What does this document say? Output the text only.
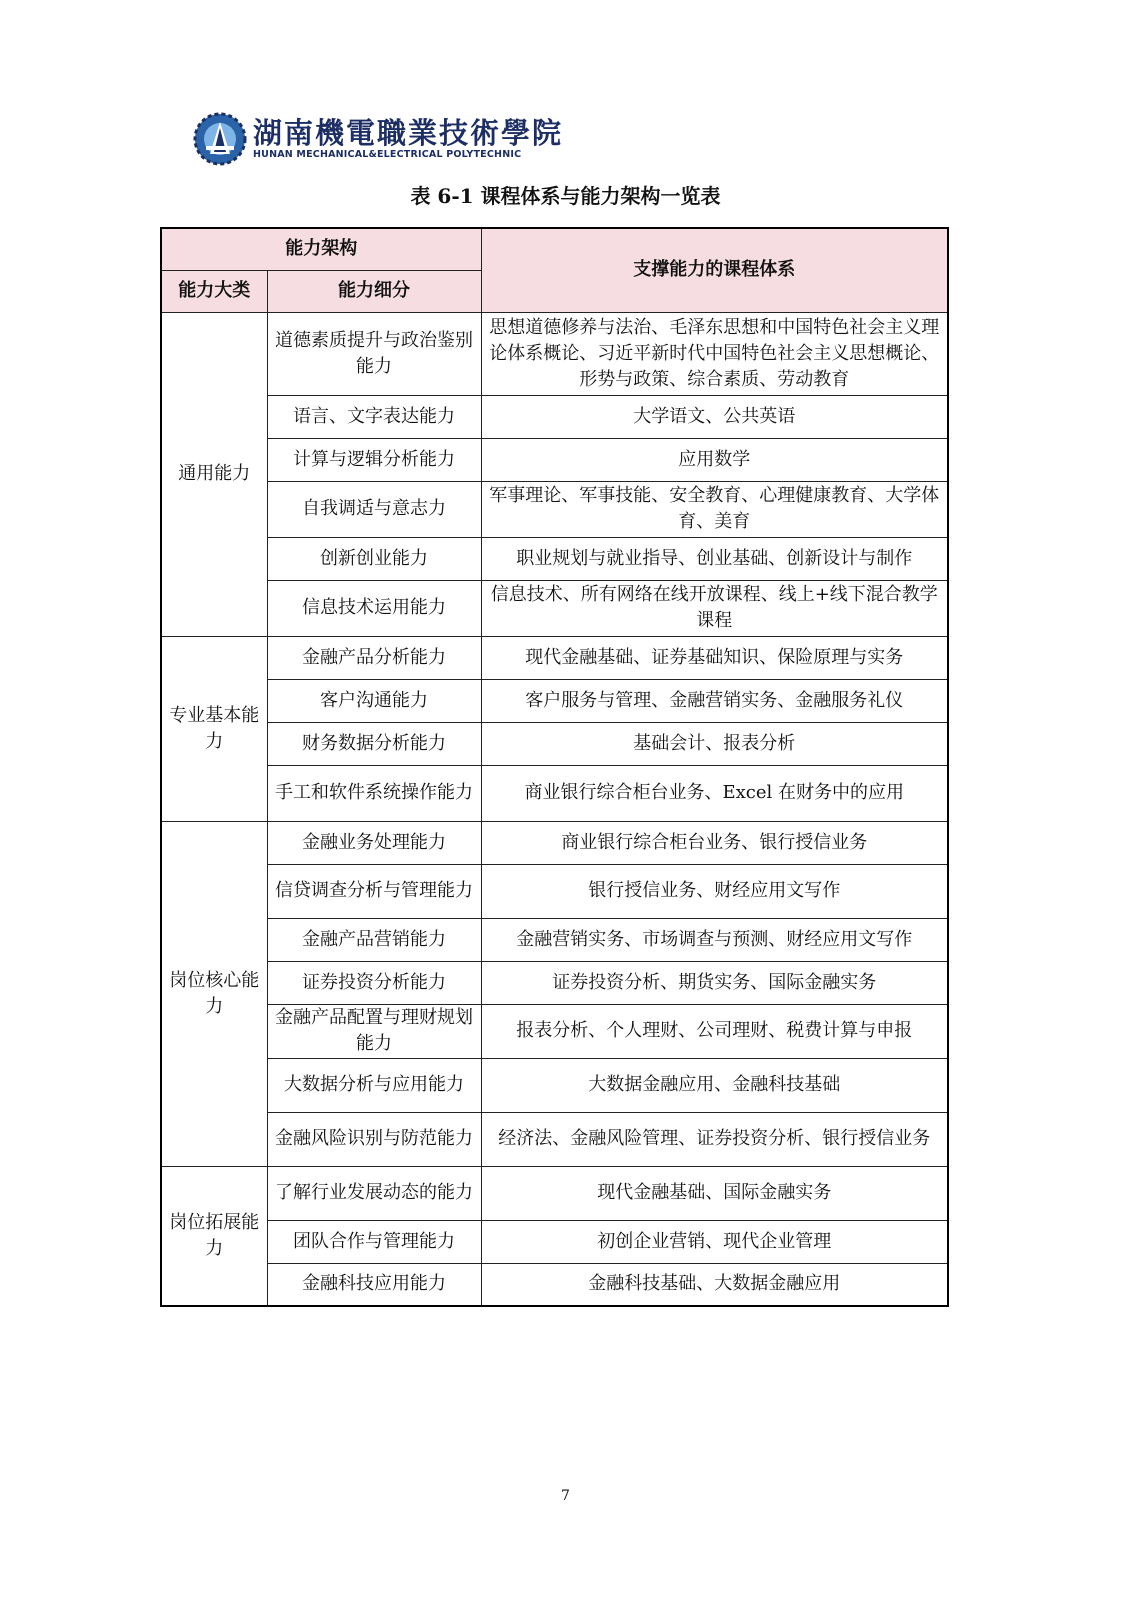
湖南機電職業技術學院
HUNAN MECHANICAL&ELECTRICAL POLYTECHNIC
表 6-1 课程体系与能力架构一览表
能力架构		支撑能力的课程体系
能力大类	能力细分	
通用能力	道德素质提升与政治鉴别能力	思想道德修养与法治、毛泽东思想和中国特色社会主义理论体系概论、习近平新时代中国特色社会主义思想概论、形势与政策、综合素质、劳动教育
	语言、文字表达能力	大学语文、公共英语
	计算与逻辑分析能力	应用数学
	自我调适与意志力	军事理论、军事技能、安全教育、心理健康教育、大学体育、美育
	创新创业能力	职业规划与就业指导、创业基础、创新设计与制作
	信息技术运用能力	信息技术、所有网络在线开放课程、线上+线下混合教学课程
专业基本能力	金融产品分析能力	现代金融基础、证券基础知识、保险原理与实务
	客户沟通能力	客户服务与管理、金融营销实务、金融服务礼仪
	财务数据分析能力	基础会计、报表分析
	手工和软件系统操作能力	商业银行综合柜台业务、Excel 在财务中的应用
岗位核心能力	金融业务处理能力	商业银行综合柜台业务、银行授信业务
	信贷调查分析与管理能力	银行授信业务、财经应用文写作
	金融产品营销能力	金融营销实务、市场调查与预测、财经应用文写作
	证券投资分析能力	证券投资分析、期货实务、国际金融实务
	金融产品配置与理财规划能力	报表分析、个人理财、公司理财、税费计算与申报
	大数据分析与应用能力	大数据金融应用、金融科技基础
	金融风险识别与防范能力	经济法、金融风险管理、证券投资分析、银行授信业务
岗位拓展能力	了解行业发展动态的能力	现代金融基础、国际金融实务
	团队合作与管理能力	初创企业营销、现代企业管理
	金融科技应用能力	金融科技基础、大数据金融应用
7
